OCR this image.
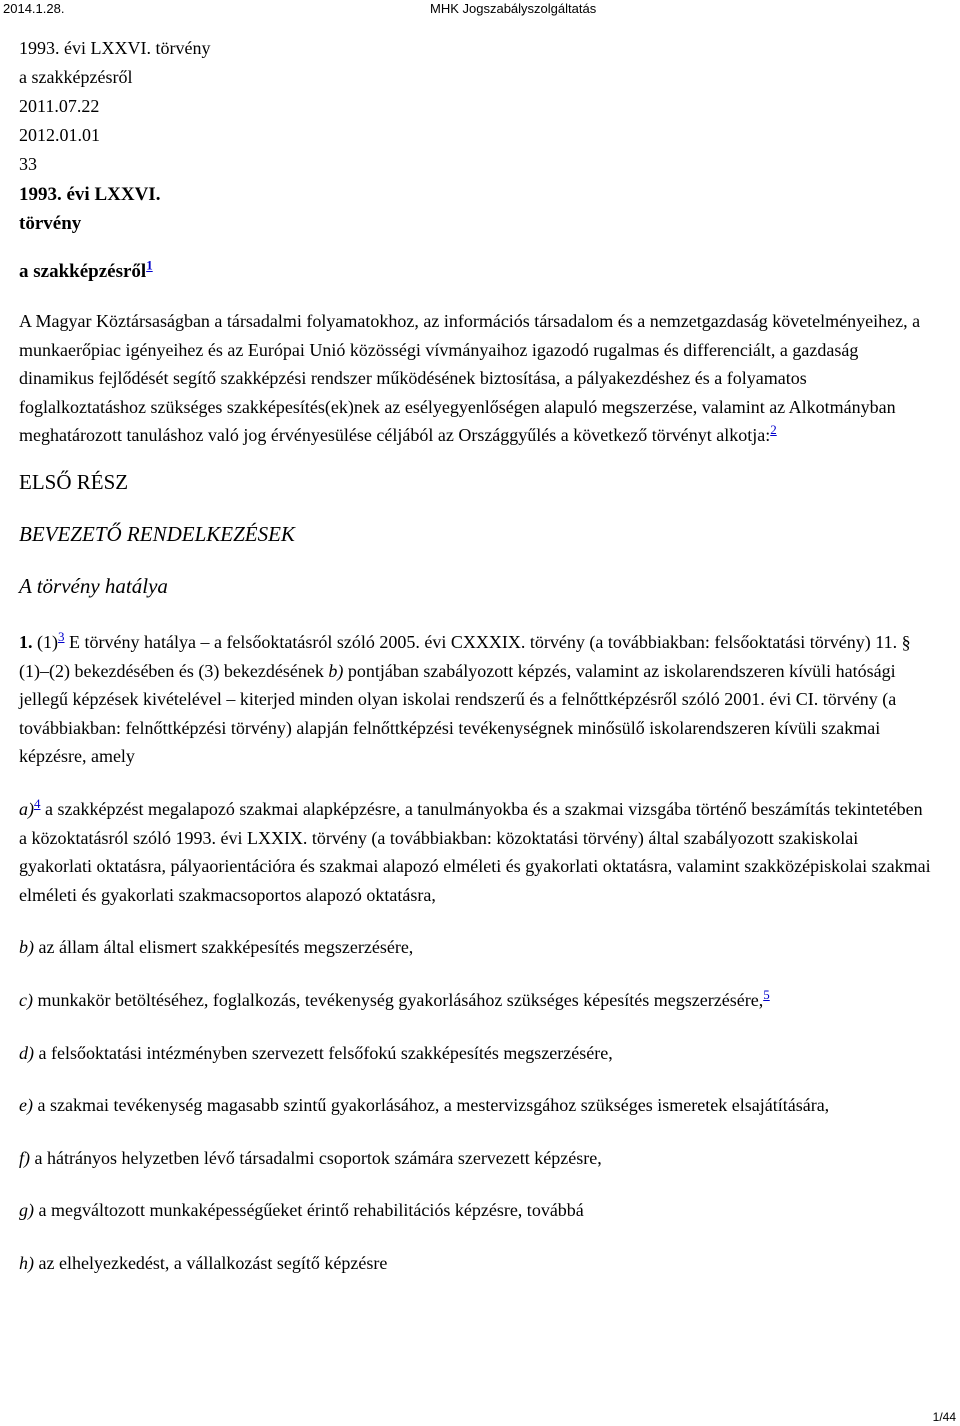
2014.1.28.	MHK Jogszabályszolgáltatás
1993. évi LXXVI. törvény
a szakképzésről
2011.07.22
2012.01.01
33
1993. évi LXXVI.
törvény
a szakképzésről$^1$

A Magyar Köztársaságban a társadalmi folyamatokhoz, az információs társadalom és a nemzetgazdaság követelményeihez, a munkaerőpiac igényeihez és az Európai Unió közösségi vívmányaihoz igazodó rugalmas és differenciált, a gazdaság dinamikus fejlődését segítő szakképzési rendszer működésének biztosítása, a pályakezdéshez és a folyamatos foglalkoztatáshoz szükséges szakképesítés(ek)nek az esélyegyenlőségen alapuló megszerzése, valamint az Alkotmányban meghatározott tanuláshoz való jog érvényesülése céljából az Országgyűlés a következő törvényt alkotja:$^2$

ELSŐ RÉSZ
BEVEZETŐ RENDELKEZÉSEK
A törvény hatálya

1. $(1)^3$ E törvény hatálya – a felsőoktatásról szóló 2005. évi CXXXIX. törvény (a továbbiakban: felsőoktatási törvény) 11. § (1)–(2) bekezdésében és (3) bekezdésének b) pontjában szabályozott képzés, valamint az iskolarendszeren kívüli hatósági jellegű képzések kivételével – kiterjed minden olyan iskolai rendszerű és a felnőttképzésről szóló 2001. évi CI. törvény (a továbbiakban: felnőttképzési törvény) alapján felnőttképzési tevékenységnek minősülő iskolarendszeren kívüli szakmai képzésre, amely

a)$^4$ a szakképzést megalapozó szakmai alapképzésre, a tanulmányokba és a szakmai vizsgába történő beszámítás tekintetében a közoktatásról szóló 1993. évi LXXIX. törvény (a továbbiakban: közoktatási törvény) által szabályozott szakiskolai gyakorlati oktatásra, pályaorientációra és szakmai alapozó elméleti és gyakorlati oktatásra, valamint szakközépiskolai szakmai elméleti és gyakorlati szakmacsoportos alapozó oktatásra,

b) az állam által elismert szakképesítés megszerzésére,

c) munkakör betöltéséhez, foglalkozás, tevékenység gyakorlásához szükséges képesítés megszerzésére,$^5$

d) a felsőoktatási intézményben szervezett felsőfokú szakképesítés megszerzésére,

e) a szakmai tevékenység magasabb szintű gyakorlásához, a mestervizsgához szükséges ismeretek elsajátítására,

f) a hátrányos helyzetben lévő társadalmi csoportok számára szervezett képzésre,

g) a megváltozott munkaképességűeket érintő rehabilitációs képzésre, továbbá

h) az elhelyezkedést, a vállalkozást segítő képzésre

1/44
